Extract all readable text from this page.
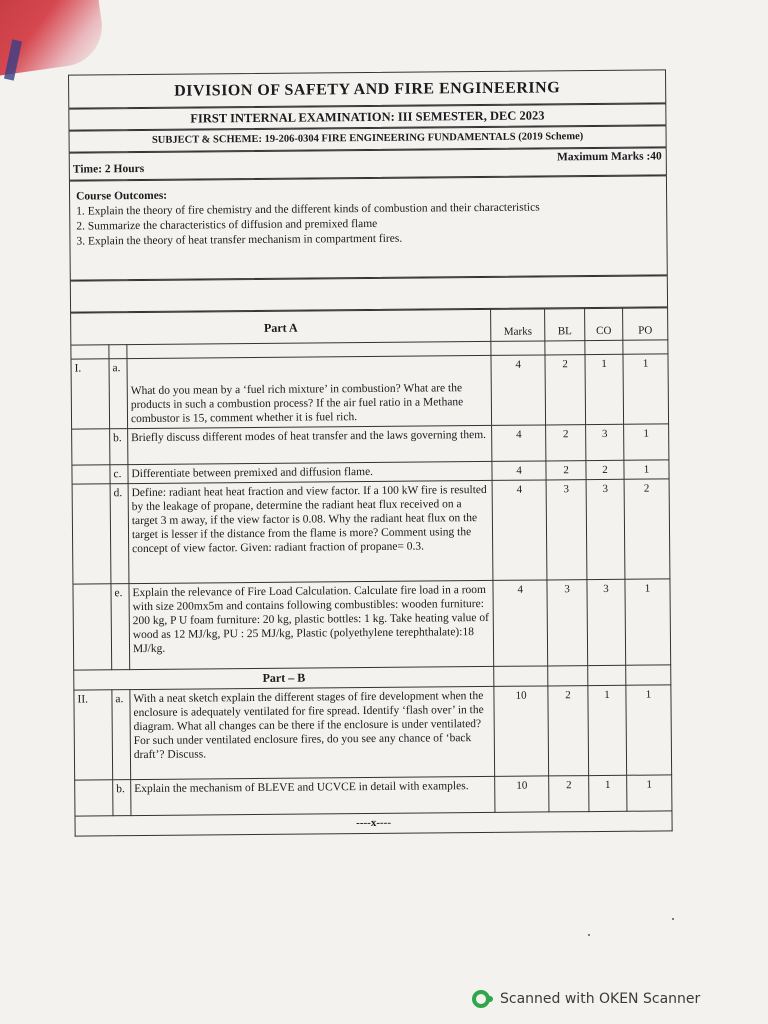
DIVISION OF SAFETY AND FIRE ENGINEERING
FIRST INTERNAL EXAMINATION: III SEMESTER, DEC 2023
SUBJECT & SCHEME: 19-206-0304 FIRE ENGINEERING FUNDAMENTALS (2019 Scheme)
Time: 2 Hours
Maximum Marks :40
Course Outcomes:
1. Explain the theory of fire chemistry and the different kinds of combustion and their characteristics
2. Summarize the characteristics of diffusion and premixed flame
3. Explain the theory of heat transfer mechanism in compartment fires.
Part A			Marks	BL	CO	PO

I.	a.	What do you mean by a ‘fuel rich mixture’ in combustion? What are the products in such a combustion process? If the air fuel ratio in a Methane combustor is 15, comment whether it is fuel rich.	4	2	1	1
	b.	Briefly discuss different modes of heat transfer and the laws governing them.	4	2	3	1
	c.	Differentiate between premixed and diffusion flame.	4	2	2	1
	d.	Define: radiant heat heat fraction and view factor. If a 100 kW fire is resulted by the leakage of propane, determine the radiant heat flux received on a target 3 m away, if the view factor is 0.08. Why the radiant heat flux on the target is lesser if the distance from the flame is more? Comment using the concept of view factor. Given: radiant fraction of propane= 0.3.	4	3	3	2
	e.	Explain the relevance of Fire Load Calculation. Calculate fire load in a room with size 200mx5m and contains following combustibles: wooden furniture: 200 kg, P U foam furniture: 20 kg, plastic bottles: 1 kg. Take heating value of wood as 12 MJ/kg, PU : 25 MJ/kg, Plastic (polyethylene terephthalate):18 MJ/kg.	4	3	3	1
Part – B						
II.	a.	With a neat sketch explain the different stages of fire development when the enclosure is adequately ventilated for fire spread. Identify ‘flash over’ in the diagram. What all changes can be there if the enclosure is under ventilated? For such under ventilated enclosure fires, do you see any chance of ‘back draft’? Discuss.	10	2	1	1
	b.	Explain the mechanism of BLEVE and UCVCE in detail with examples.	10	2	1	1
----x----						
Scanned with OKEN Scanner
